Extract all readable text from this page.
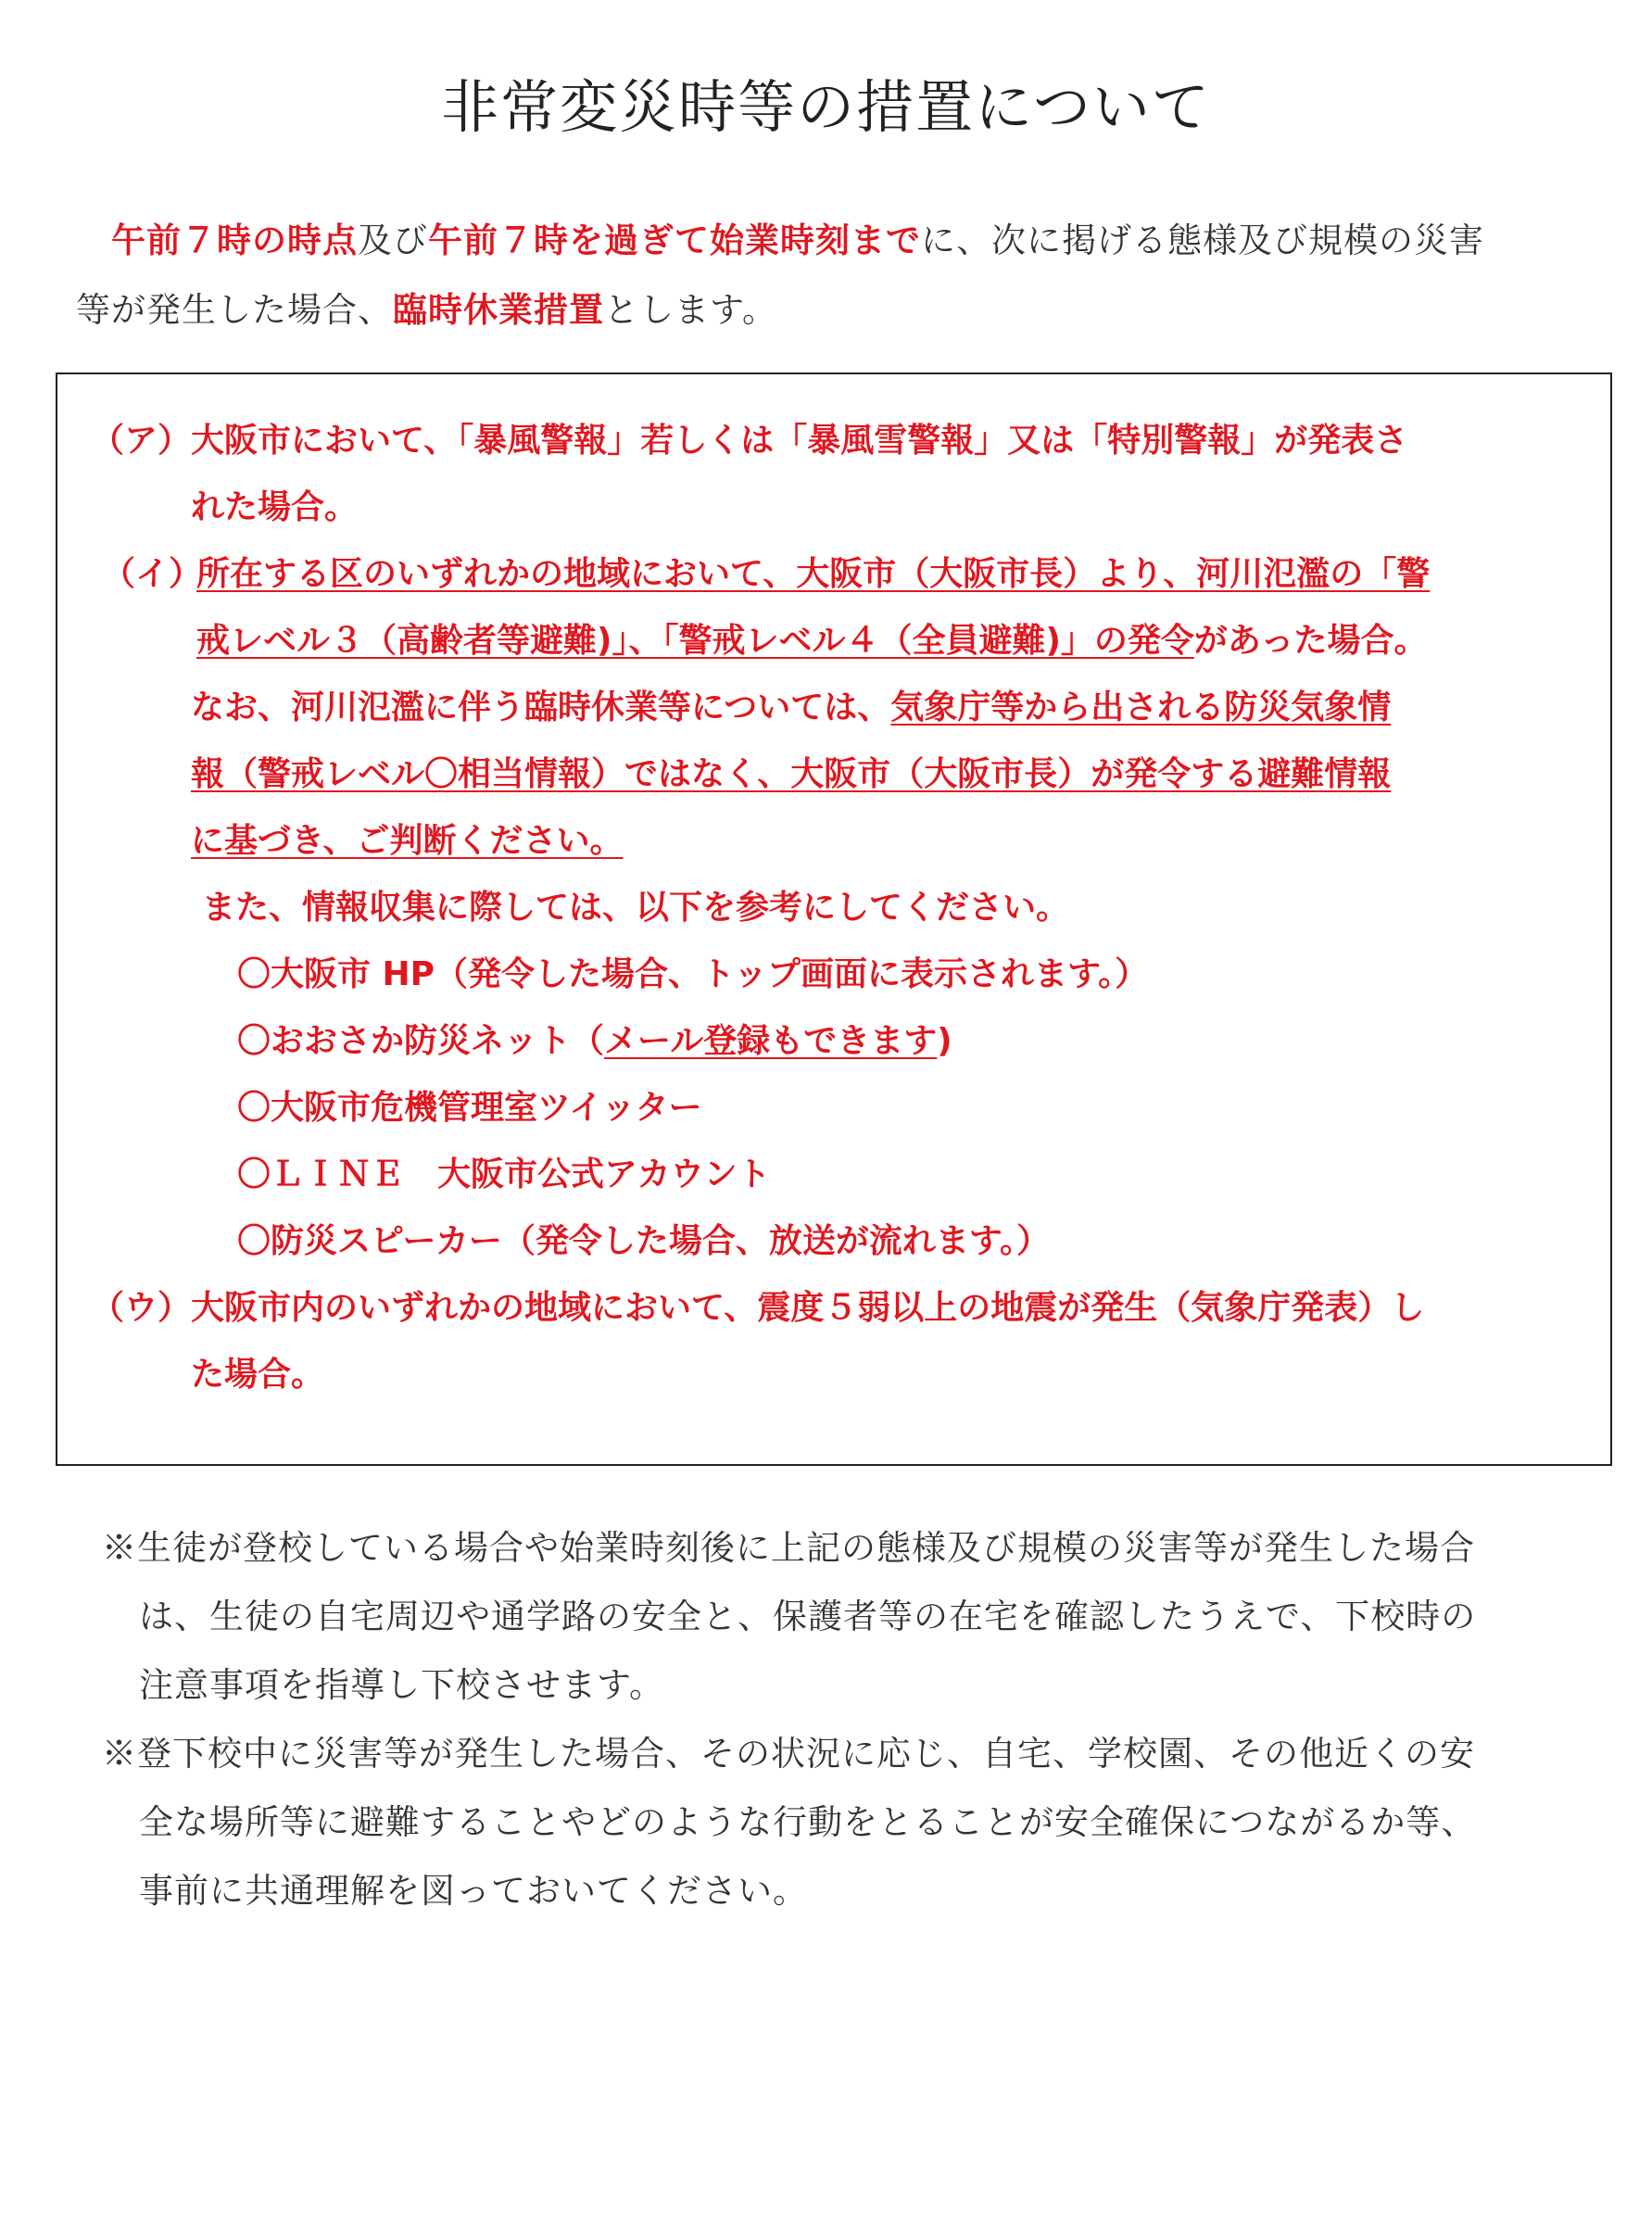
非常変災時等の措置について
午前７時の時点及び午前７時を過ぎて始業時刻までに、次に掲げる態様及び規模の災害
等が発生した場合、臨時休業措置とします。
（ア）大阪市において、「暴風警報」若しくは「暴風雪警報」又は「特別警報」が発表さ
れた場合。
（イ）所在する区のいずれかの地域において、大阪市（大阪市長）より、河川氾濫の「警
戒レベル３（高齢者等避難)」、「警戒レベル４（全員避難)」の発令があった場合。
なお、河川氾濫に伴う臨時休業等については、気象庁等から出される防災気象情
報（警戒レベル〇相当情報）ではなく、大阪市（大阪市長）が発令する避難情報
に基づき、ご判断ください。
また、情報収集に際しては、以下を参考にしてください。
〇大阪市 HP（発令した場合、トップ画面に表示されます。）
〇おおさか防災ネット（メール登録もできます)
〇大阪市危機管理室ツイッター
〇ＬＩＮＥ　大阪市公式アカウント
〇防災スピーカー（発令した場合、放送が流れます。）
（ウ）大阪市内のいずれかの地域において、震度５弱以上の地震が発生（気象庁発表）し
た場合。
※生徒が登校している場合や始業時刻後に上記の態様及び規模の災害等が発生した場合
は、生徒の自宅周辺や通学路の安全と、保護者等の在宅を確認したうえで、下校時の
注意事項を指導し下校させます。
※登下校中に災害等が発生した場合、その状況に応じ、自宅、学校園、その他近くの安
全な場所等に避難することやどのような行動をとることが安全確保につながるか等、
事前に共通理解を図っておいてください。
